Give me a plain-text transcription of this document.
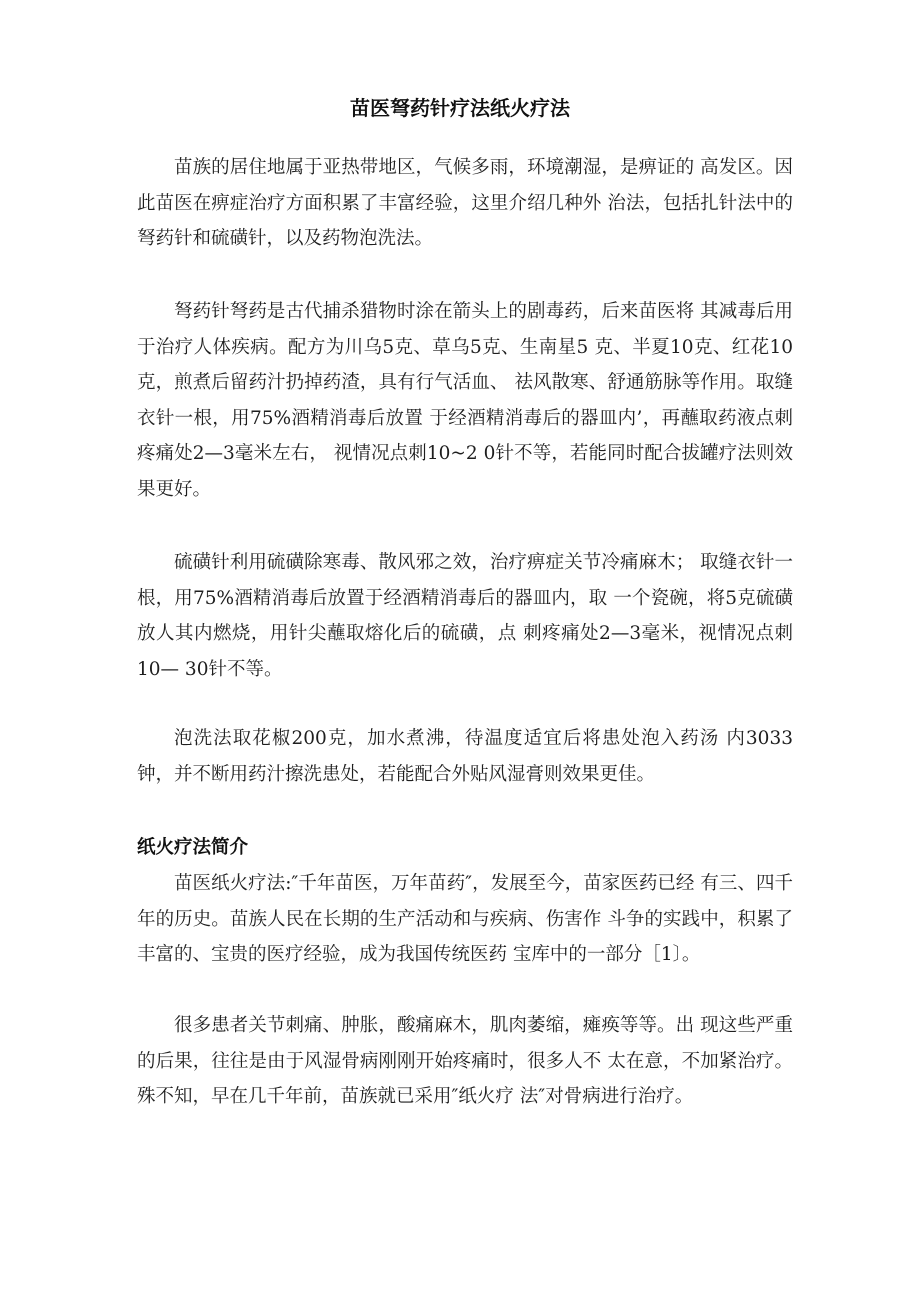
苗医弩药针疗法纸火疗法

苗族的居住地属于亚热带地区，气候多雨，环境潮湿，是痹证的 高发区。因此苗医在痹症治疗方面积累了丰富经验，这里介绍几种外 治法，包括扎针法中的弩药针和硫磺针，以及药物泡洗法。

弩药针弩药是古代捕杀猎物时涂在箭头上的剧毒药，后来苗医将 其减毒后用于治疗人体疾病。配方为川乌5克、草乌5克、生南星5 克、半夏10克、红花10克，煎煮后留药汁扔掉药渣，具有行气活血、 祛风散寒、舒通筋脉等作用。取缝衣针一根，用75%酒精消毒后放置 于经酒精消毒后的器皿内’，再蘸取药液点刺疼痛处2—3毫米左右， 视情况点刺10~2 0针不等，若能同时配合拔罐疗法则效果更好。

硫磺针利用硫磺除寒毒、散风邪之效，治疗痹症关节冷痛麻木； 取缝衣针一根，用75%酒精消毒后放置于经酒精消毒后的器皿内，取 一个瓷碗，将5克硫磺放人其内燃烧，用针尖蘸取熔化后的硫磺，点 刺疼痛处2—3毫米，视情况点刺10— 30针不等。

泡洗法取花椒200克，加水煮沸，待温度适宜后将患处泡入药汤 内3033钟，并不断用药汁擦洗患处，若能配合外贴风湿膏则效果更佳。

纸火疗法简介

苗医纸火疗法:″千年苗医，万年苗药″，发展至今，苗家医药已经 有三、四千年的历史。苗族人民在长期的生产活动和与疾病、伤害作 斗争的实践中，积累了丰富的、宝贵的医疗经验，成为我国传统医药 宝库中的一部分［1〕。

很多患者关节刺痛、肿胀，酸痛麻木，肌肉萎缩，瘫痪等等。出 现这些严重的后果，往往是由于风湿骨病刚刚开始疼痛时，很多人不 太在意，不加紧治疗。殊不知，早在几千年前，苗族就已采用″纸火疗 法″对骨病进行治疗。
